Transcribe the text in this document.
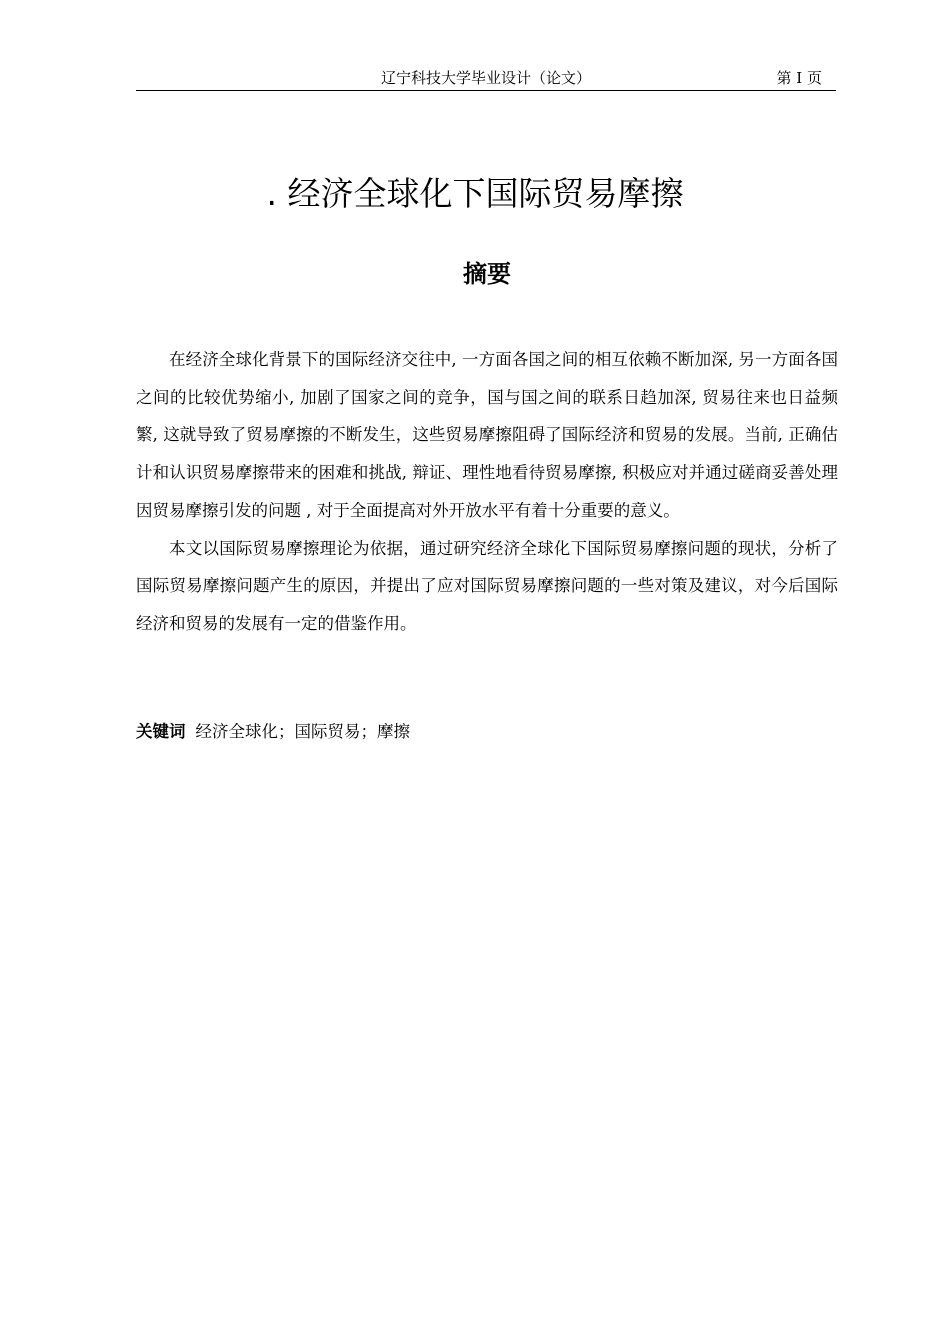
辽宁科技大学毕业设计（论文）	第 I 页
. 经济全球化下国际贸易摩擦
摘要

在经济全球化背景下的国际经济交往中, 一方面各国之间的相互依赖不断加深, 另一方面各国之间的比较优势缩小, 加剧了国家之间的竞争，国与国之间的联系日趋加深, 贸易往来也日益频繁, 这就导致了贸易摩擦的不断发生，这些贸易摩擦阻碍了国际经济和贸易的发展。当前, 正确估计和认识贸易摩擦带来的困难和挑战, 辩证、理性地看待贸易摩擦, 积极应对并通过磋商妥善处理因贸易摩擦引发的问题 , 对于全面提高对外开放水平有着十分重要的意义。

本文以国际贸易摩擦理论为依据，通过研究经济全球化下国际贸易摩擦问题的现状，分析了国际贸易摩擦问题产生的原因，并提出了应对国际贸易摩擦问题的一些对策及建议，对今后国际经济和贸易的发展有一定的借鉴作用。

关键词 经济全球化；国际贸易；摩擦
